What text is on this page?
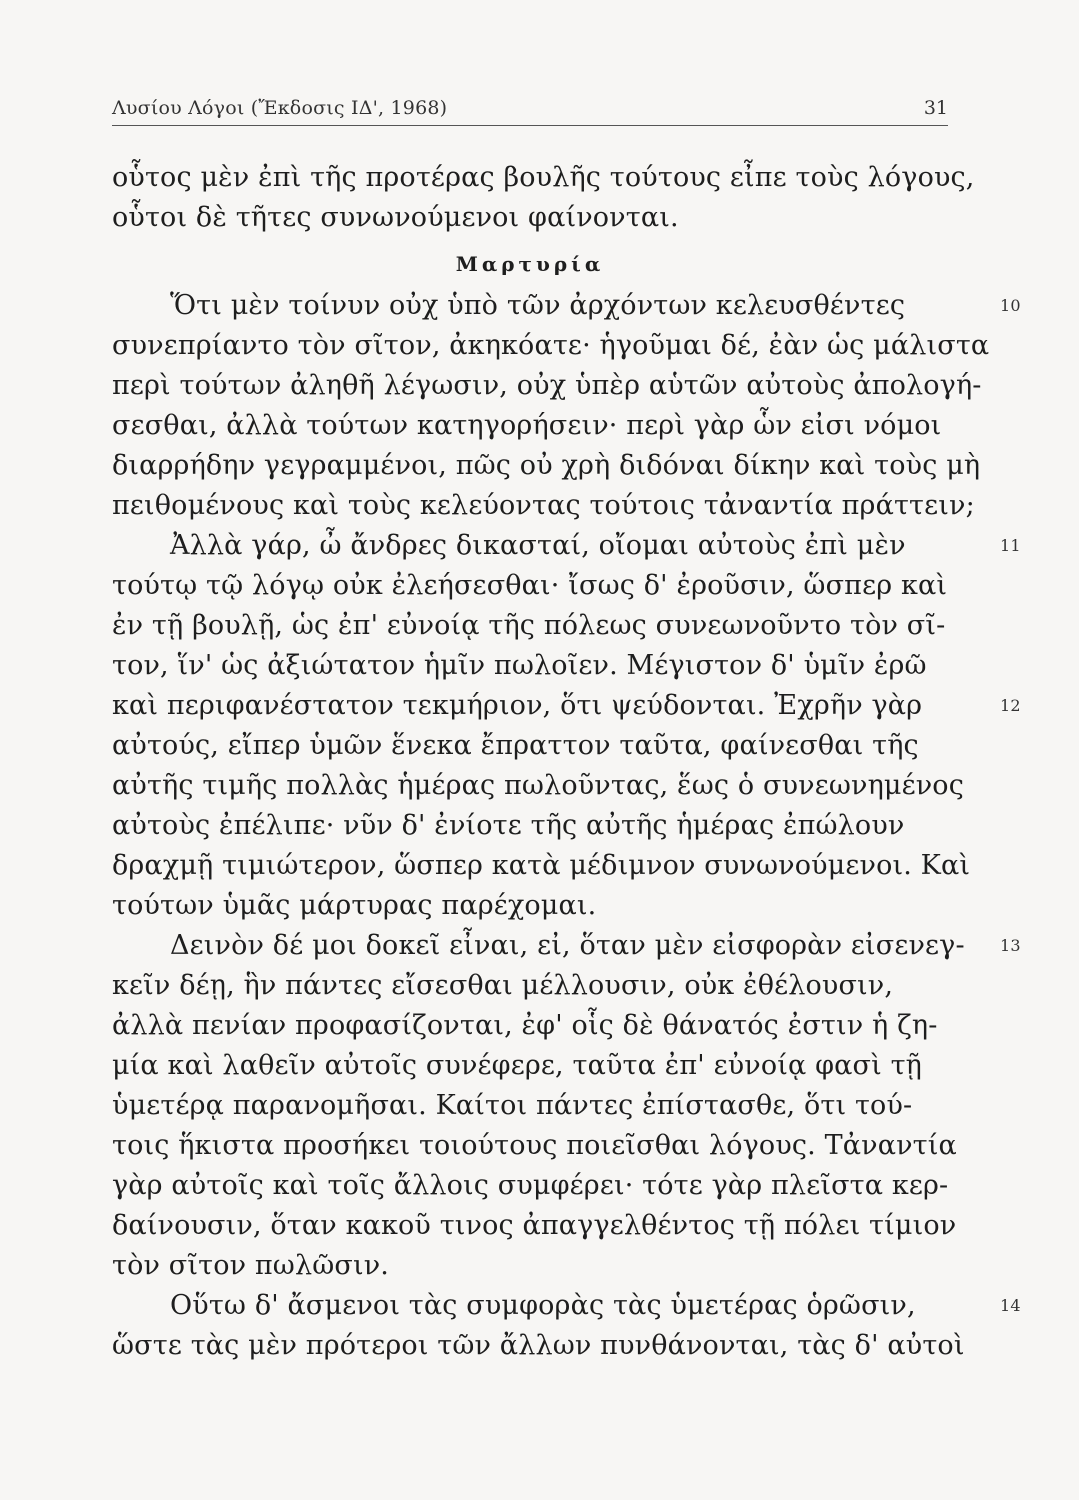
Λυσίου Λόγοι (Ἔκδοσις ΙΔ', 1968)	31
οὗτος μὲν ἐπὶ τῆς προτέρας βουλῆς τούτους εἶπε τοὺς λόγους,
οὗτοι δὲ τῆτες συνωνούμενοι φαίνονται.
Μαρτυρία
Ὅτι μὲν τοίνυν οὐχ ὑπὸ τῶν ἀρχόντων κελευσθέντες	10
συνεπρίαντο τὸν σῖτον, ἀκηκόατε· ἡγοῦμαι δέ, ἐὰν ὡς μάλιστα
περὶ τούτων ἀληθῆ λέγωσιν, οὐχ ὑπὲρ αὑτῶν αὐτοὺς ἀπολογή-
σεσθαι, ἀλλὰ τούτων κατηγορήσειν· περὶ γὰρ ὧν εἰσι νόμοι
διαρρήδην γεγραμμένοι, πῶς οὐ χρὴ διδόναι δίκην καὶ τοὺς μὴ
πειθομένους καὶ τοὺς κελεύοντας τούτοις τἀναντία πράττειν;
Ἀλλὰ γάρ, ὦ ἄνδρες δικασταί, οἴομαι αὐτοὺς ἐπὶ μὲν	11
τούτῳ τῷ λόγῳ οὐκ ἐλεήσεσθαι· ἴσως δ' ἐροῦσιν, ὥσπερ καὶ
ἐν τῇ βουλῇ, ὡς ἐπ' εὐνοίᾳ τῆς πόλεως συνεωνοῦντο τὸν σῖ-
τον, ἵν' ὡς ἀξιώτατον ἡμῖν πωλοῖεν. Μέγιστον δ' ὑμῖν ἐρῶ
καὶ περιφανέστατον τεκμήριον, ὅτι ψεύδονται. Ἐχρῆν γὰρ	12
αὐτούς, εἴπερ ὑμῶν ἕνεκα ἔπραττον ταῦτα, φαίνεσθαι τῆς
αὐτῆς τιμῆς πολλὰς ἡμέρας πωλοῦντας, ἕως ὁ συνεωνημένος
αὐτοὺς ἐπέλιπε· νῦν δ' ἐνίοτε τῆς αὐτῆς ἡμέρας ἐπώλουν
δραχμῇ τιμιώτερον, ὥσπερ κατὰ μέδιμνον συνωνούμενοι. Καὶ
τούτων ὑμᾶς μάρτυρας παρέχομαι.
Δεινὸν δέ μοι δοκεῖ εἶναι, εἰ, ὅταν μὲν εἰσφορὰν εἰσενεγ- 13
κεῖν δέῃ, ἣν πάντες εἴσεσθαι μέλλουσιν, οὐκ ἐθέλουσιν,
ἀλλὰ πενίαν προφασίζονται, ἐφ' οἷς δὲ θάνατός ἐστιν ἡ ζη-
μία καὶ λαθεῖν αὐτοῖς συνέφερε, ταῦτα ἐπ' εὐνοίᾳ φασὶ τῇ
ὑμετέρᾳ παρανομῆσαι. Καίτοι πάντες ἐπίστασθε, ὅτι τού-
τοις ἥκιστα προσήκει τοιούτους ποιεῖσθαι λόγους. Τἀναντία
γὰρ αὐτοῖς καὶ τοῖς ἄλλοις συμφέρει· τότε γὰρ πλεῖστα κερ-
δαίνουσιν, ὅταν κακοῦ τινος ἀπαγγελθέντος τῇ πόλει τίμιον
τὸν σῖτον πωλῶσιν.
Οὕτω δ' ἄσμενοι τὰς συμφορὰς τὰς ὑμετέρας ὁρῶσιν,	14
ὥστε τὰς μὲν πρότεροι τῶν ἄλλων πυνθάνονται, τὰς δ' αὐτοὶ
